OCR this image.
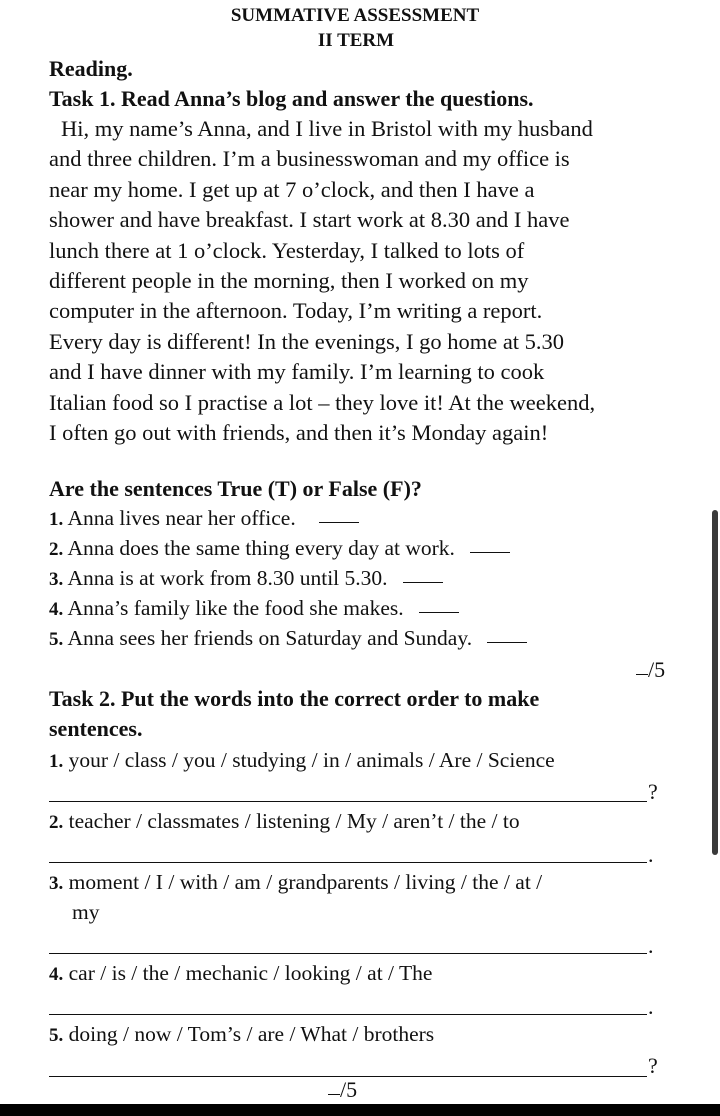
SUMMATIVE ASSESSMENT
II TERM
Reading.
Task 1. Read Anna’s blog and answer the questions.
Hi, my name’s Anna, and I live in Bristol with my husband
and three children. I’m a businesswoman and my office is
near my home. I get up at 7 o’clock, and then I have a
shower and have breakfast. I start work at 8.30 and I have
lunch there at 1 o’clock. Yesterday, I talked to lots of
different people in the morning, then I worked on my
computer in the afternoon. Today, I’m writing a report.
Every day is different! In the evenings, I go home at 5.30
and I have dinner with my family. I’m learning to cook
Italian food so I practise a lot – they love it! At the weekend,
I often go out with friends, and then it’s Monday again!
Are the sentences True (T) or False (F)?
1. Anna lives near her office.
2. Anna does the same thing every day at work.
3. Anna is at work from 8.30 until 5.30.
4. Anna’s family like the food she makes.
5. Anna sees her friends on Saturday and Sunday.
/5
Task 2. Put the words into the correct order to make
sentences.
1. your / class / you / studying / in / animals / Are / Science
?
2. teacher / classmates / listening / My / aren’t / the / to
.
3. moment / I / with / am / grandparents / living / the / at /
my
.
4. car / is / the / mechanic / looking / at / The
.
5. doing / now / Tom’s / are / What / brothers
?
/5
